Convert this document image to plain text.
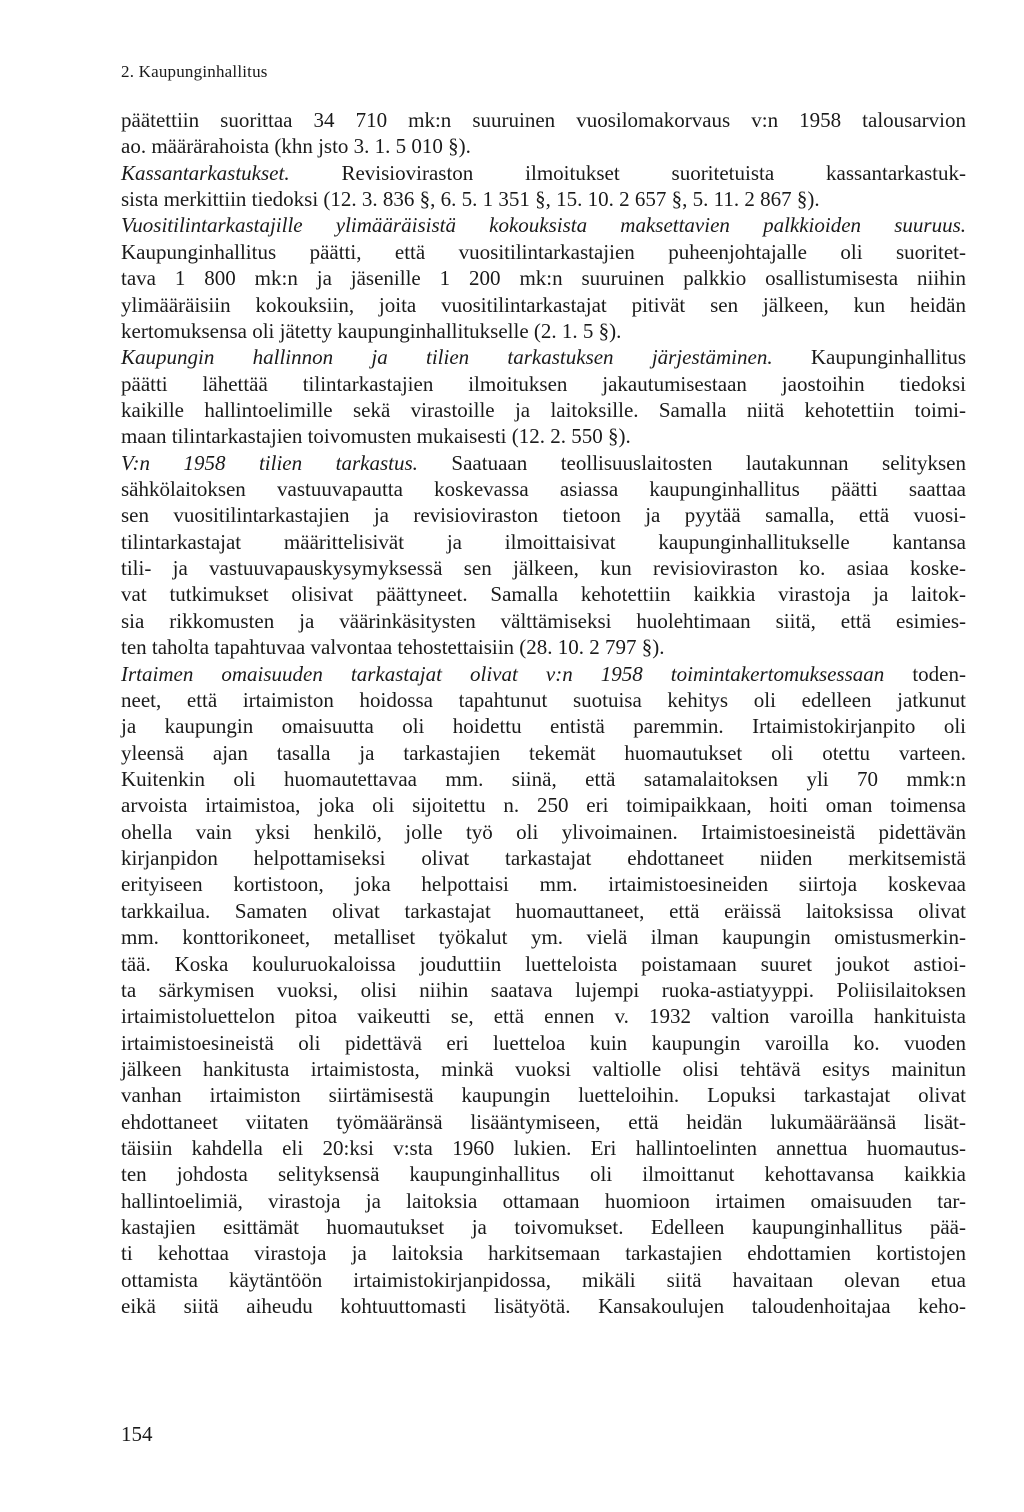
2. Kaupunginhallitus
päätettiin suorittaa 34 710 mk:n suuruinen vuosilomakorvaus v:n 1958 talousarvion
ao. määrärahoista (khn jsto 3. 1. 5 010 §).
Kassantarkastukset. Revisioviraston ilmoitukset suoritetuista kassantarkastuk-
sista merkittiin tiedoksi (12. 3. 836 §, 6. 5. 1 351 §, 15. 10. 2 657 §, 5. 11. 2 867 §).
Vuositilintarkastajille ylimääräisistä kokouksista maksettavien palkkioiden suuruus.
Kaupunginhallitus päätti, että vuositilintarkastajien puheenjohtajalle oli suoritet-
tava 1 800 mk:n ja jäsenille 1 200 mk:n suuruinen palkkio osallistumisesta niihin
ylimääräisiin kokouksiin, joita vuositilintarkastajat pitivät sen jälkeen, kun heidän
kertomuksensa oli jätetty kaupunginhallitukselle (2. 1. 5 §).
Kaupungin hallinnon ja tilien tarkastuksen järjestäminen. Kaupunginhallitus
päätti lähettää tilintarkastajien ilmoituksen jakautumisestaan jaostoihin tiedoksi
kaikille hallintoelimille sekä virastoille ja laitoksille. Samalla niitä kehotettiin toimi-
maan tilintarkastajien toivomusten mukaisesti (12. 2. 550 §).
V:n 1958 tilien tarkastus. Saatuaan teollisuuslaitosten lautakunnan selityksen
sähkölaitoksen vastuuvapautta koskevassa asiassa kaupunginhallitus päätti saattaa
sen vuositilintarkastajien ja revisioviraston tietoon ja pyytää samalla, että vuosi-
tilintarkastajat määrittelisivät ja ilmoittaisivat kaupunginhallitukselle kantansa
tili- ja vastuuvapauskysymyksessä sen jälkeen, kun revisioviraston ko. asiaa koske-
vat tutkimukset olisivat päättyneet. Samalla kehotettiin kaikkia virastoja ja laitok-
sia rikkomusten ja väärinkäsitysten välttämiseksi huolehtimaan siitä, että esimies-
ten taholta tapahtuvaa valvontaa tehostettaisiin (28. 10. 2 797 §).
Irtaimen omaisuuden tarkastajat olivat v:n 1958 toimintakertomuksessaan toden-
neet, että irtaimiston hoidossa tapahtunut suotuisa kehitys oli edelleen jatkunut
ja kaupungin omaisuutta oli hoidettu entistä paremmin. Irtaimistokirjanpito oli
yleensä ajan tasalla ja tarkastajien tekemät huomautukset oli otettu varteen.
Kuitenkin oli huomautettavaa mm. siinä, että satamalaitoksen yli 70 mmk:n
arvoista irtaimistoa, joka oli sijoitettu n. 250 eri toimipaikkaan, hoiti oman toimensa
ohella vain yksi henkilö, jolle työ oli ylivoimainen. Irtaimistoesineistä pidettävän
kirjanpidon helpottamiseksi olivat tarkastajat ehdottaneet niiden merkitsemistä
erityiseen kortistoon, joka helpottaisi mm. irtaimistoesineiden siirtoja koskevaa
tarkkailua. Samaten olivat tarkastajat huomauttaneet, että eräissä laitoksissa olivat
mm. konttorikoneet, metalliset työkalut ym. vielä ilman kaupungin omistusmerkin-
tää. Koska kouluruokaloissa jouduttiin luetteloista poistamaan suuret joukot astioi-
ta särkymisen vuoksi, olisi niihin saatava lujempi ruoka-astiatyyppi. Poliisilaitoksen
irtaimistoluettelon pitoa vaikeutti se, että ennen v. 1932 valtion varoilla hankituista
irtaimistoesineistä oli pidettävä eri luetteloa kuin kaupungin varoilla ko. vuoden
jälkeen hankitusta irtaimistosta, minkä vuoksi valtiolle olisi tehtävä esitys mainitun
vanhan irtaimiston siirtämisestä kaupungin luetteloihin. Lopuksi tarkastajat olivat
ehdottaneet viitaten työmääränsä lisääntymiseen, että heidän lukumääräänsä lisät-
täisiin kahdella eli 20:ksi v:sta 1960 lukien. Eri hallintoelinten annettua huomautus-
ten johdosta selityksensä kaupunginhallitus oli ilmoittanut kehottavansa kaikkia
hallintoelimiä, virastoja ja laitoksia ottamaan huomioon irtaimen omaisuuden tar-
kastajien esittämät huomautukset ja toivomukset. Edelleen kaupunginhallitus pää-
ti kehottaa virastoja ja laitoksia harkitsemaan tarkastajien ehdottamien kortistojen
ottamista käytäntöön irtaimistokirjanpidossa, mikäli siitä havaitaan olevan etua
eikä siitä aiheudu kohtuuttomasti lisätyötä. Kansakoulujen taloudenhoitajaa keho-
154
